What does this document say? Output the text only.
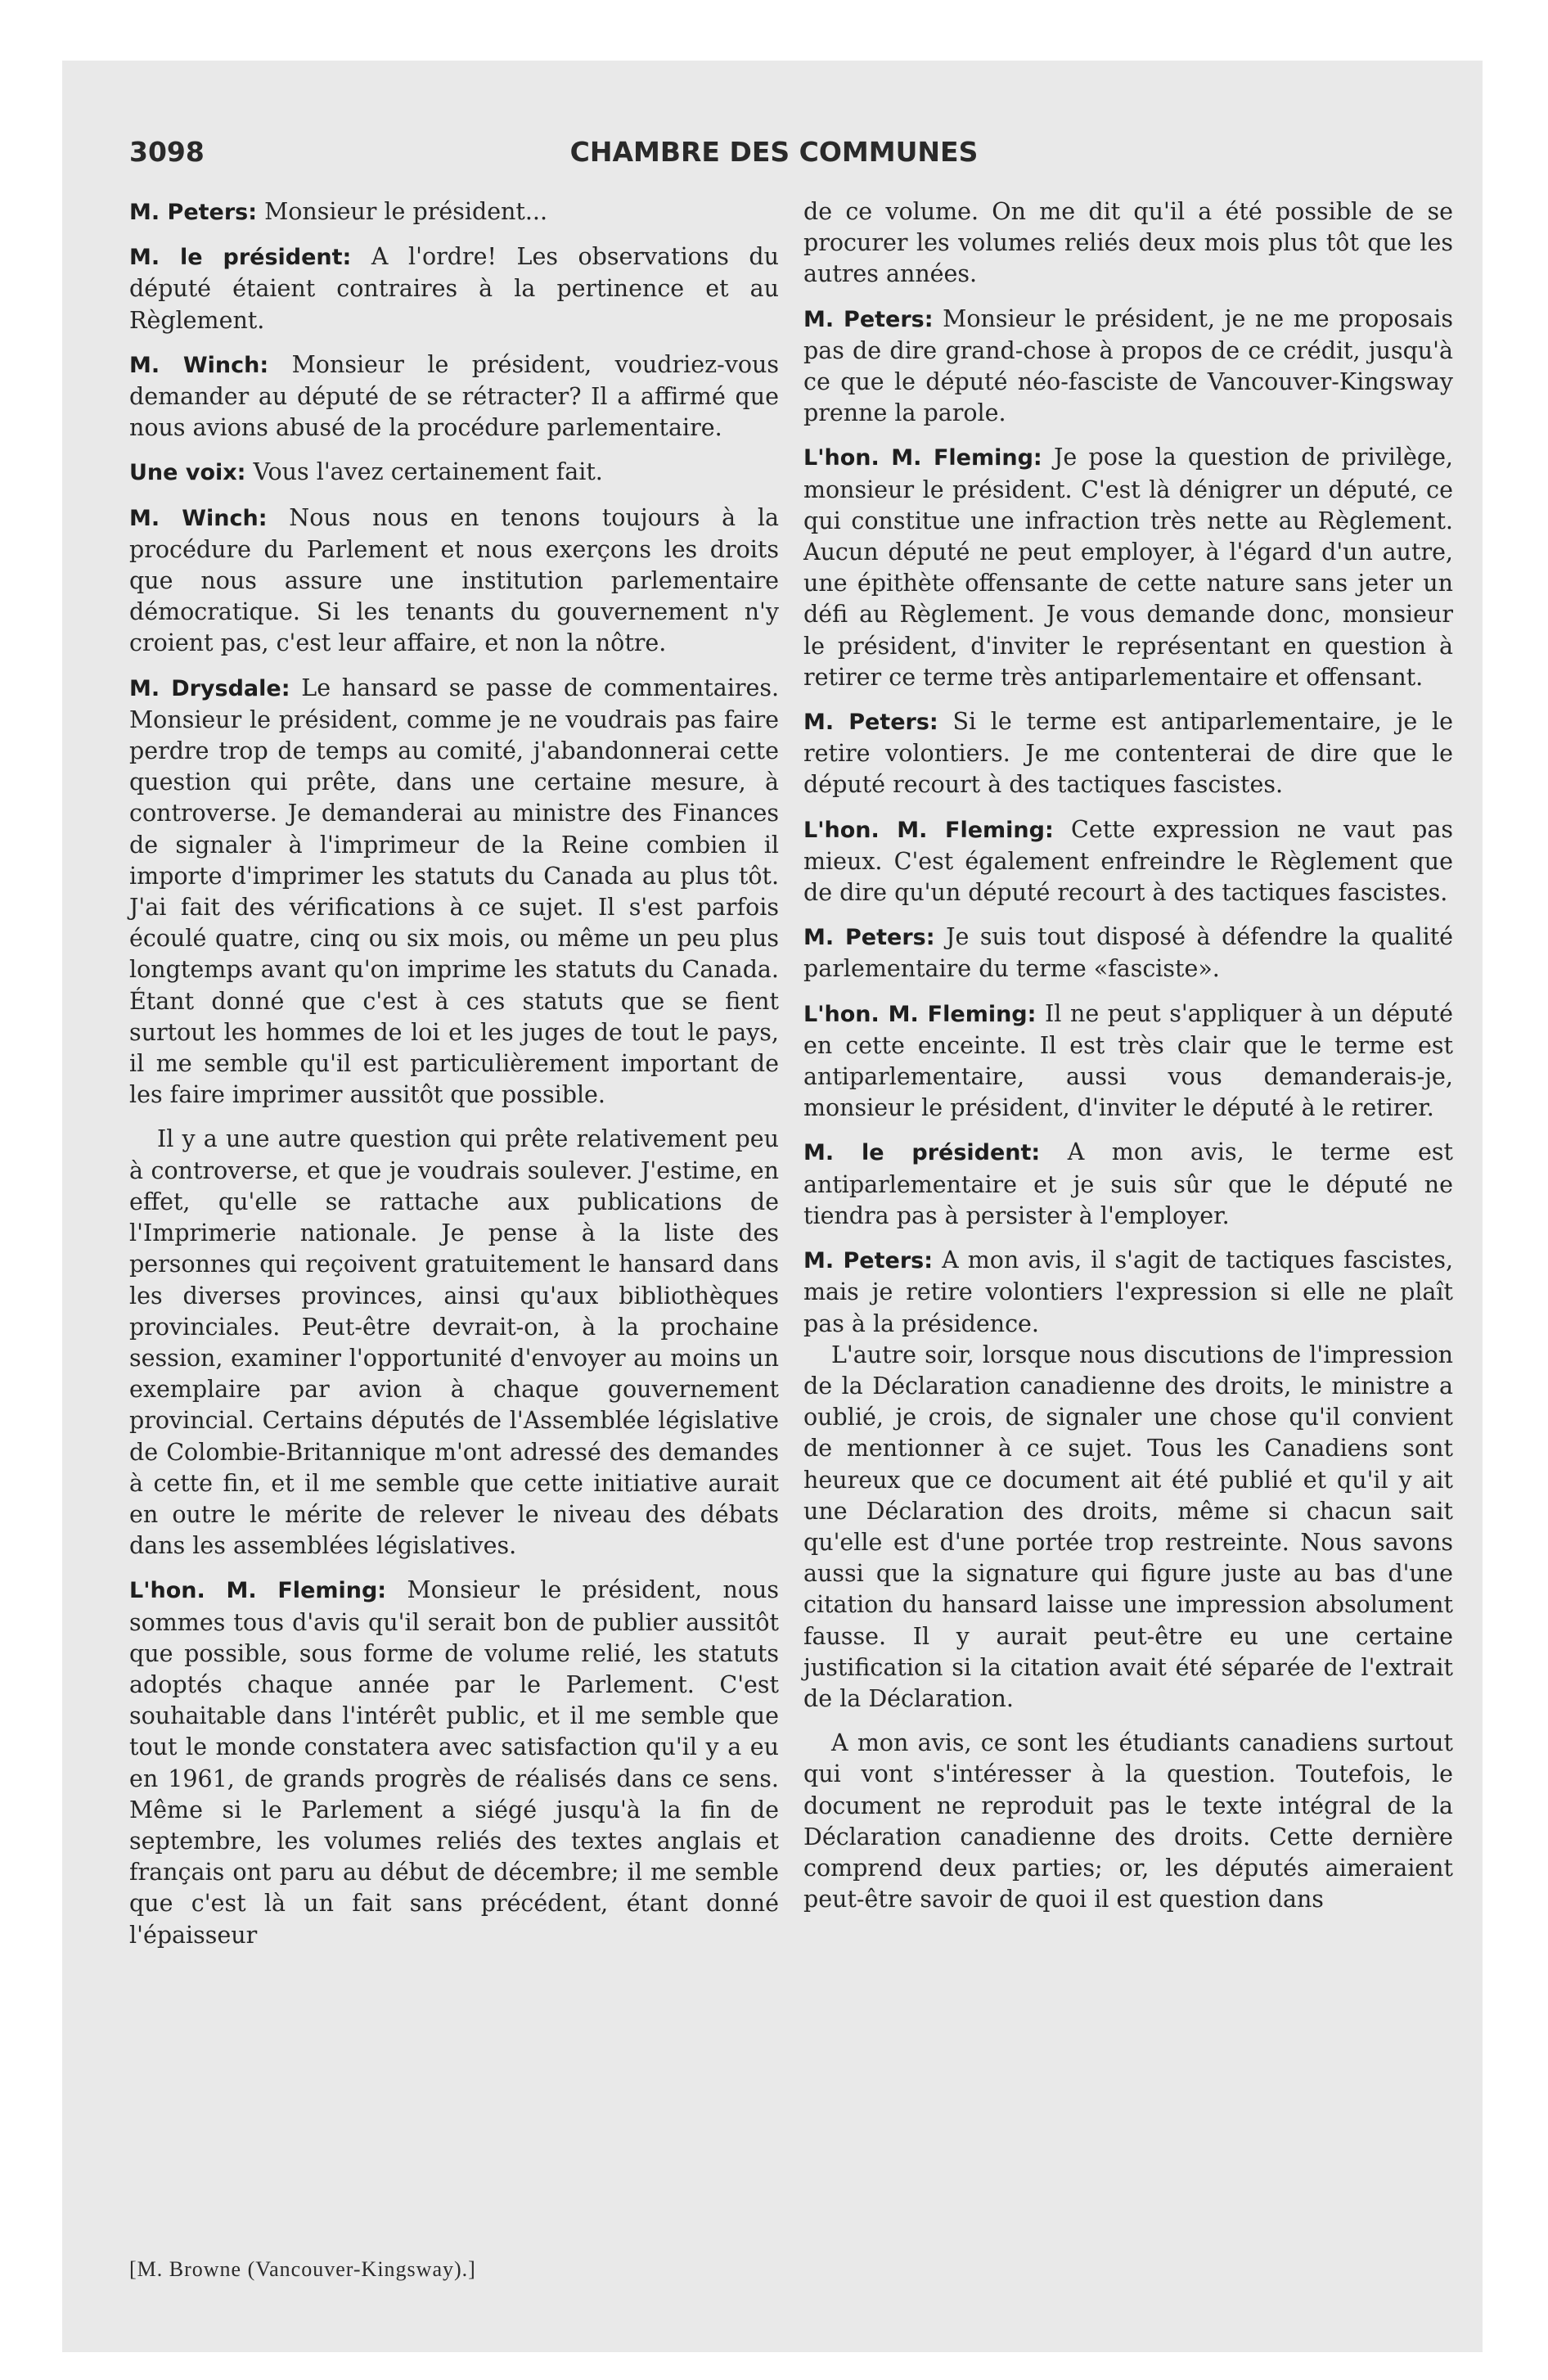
3098	CHAMBRE DES COMMUNES

M. Peters: Monsieur le président...

M. le président: A l'ordre! Les observations du député étaient contraires à la pertinence et au Règlement.

M. Winch: Monsieur le président, voudriez-vous demander au député de se rétracter? Il a affirmé que nous avions abusé de la procédure parlementaire.

Une voix: Vous l'avez certainement fait.

M. Winch: Nous nous en tenons toujours à la procédure du Parlement et nous exerçons les droits que nous assure une institution parlementaire démocratique. Si les tenants du gouvernement n'y croient pas, c'est leur affaire, et non la nôtre.

M. Drysdale: Le hansard se passe de commentaires. Monsieur le président, comme je ne voudrais pas faire perdre trop de temps au comité, j'abandonnerai cette question qui prête, dans une certaine mesure, à controverse. Je demanderai au ministre des Finances de signaler à l'imprimeur de la Reine combien il importe d'imprimer les statuts du Canada au plus tôt. J'ai fait des vérifications à ce sujet. Il s'est parfois écoulé quatre, cinq ou six mois, ou même un peu plus longtemps avant qu'on imprime les statuts du Canada. Étant donné que c'est à ces statuts que se fient surtout les hommes de loi et les juges de tout le pays, il me semble qu'il est particulièrement important de les faire imprimer aussitôt que possible.

Il y a une autre question qui prête relativement peu à controverse, et que je voudrais soulever. J'estime, en effet, qu'elle se rattache aux publications de l'Imprimerie nationale. Je pense à la liste des personnes qui reçoivent gratuitement le hansard dans les diverses provinces, ainsi qu'aux bibliothèques provinciales. Peut-être devrait-on, à la prochaine session, examiner l'opportunité d'envoyer au moins un exemplaire par avion à chaque gouvernement provincial. Certains députés de l'Assemblée législative de Colombie-Britannique m'ont adressé des demandes à cette fin, et il me semble que cette initiative aurait en outre le mérite de relever le niveau des débats dans les assemblées législatives.

L'hon. M. Fleming: Monsieur le président, nous sommes tous d'avis qu'il serait bon de publier aussitôt que possible, sous forme de volume relié, les statuts adoptés chaque année par le Parlement. C'est souhaitable dans l'intérêt public, et il me semble que tout le monde constatera avec satisfaction qu'il y a eu en 1961, de grands progrès de réalisés dans ce sens. Même si le Parlement a siégé jusqu'à la fin de septembre, les volumes reliés des textes anglais et français ont paru au début de décembre; il me semble que c'est là un fait sans précédent, étant donné l'épaisseur

de ce volume. On me dit qu'il a été possible de se procurer les volumes reliés deux mois plus tôt que les autres années.

M. Peters: Monsieur le président, je ne me proposais pas de dire grand-chose à propos de ce crédit, jusqu'à ce que le député néo-fasciste de Vancouver-Kingsway prenne la parole.

L'hon. M. Fleming: Je pose la question de privilège, monsieur le président. C'est là dénigrer un député, ce qui constitue une infraction très nette au Règlement. Aucun député ne peut employer, à l'égard d'un autre, une épithète offensante de cette nature sans jeter un défi au Règlement. Je vous demande donc, monsieur le président, d'inviter le représentant en question à retirer ce terme très antiparlementaire et offensant.

M. Peters: Si le terme est antiparlementaire, je le retire volontiers. Je me contenterai de dire que le député recourt à des tactiques fascistes.

L'hon. M. Fleming: Cette expression ne vaut pas mieux. C'est également enfreindre le Règlement que de dire qu'un député recourt à des tactiques fascistes.

M. Peters: Je suis tout disposé à défendre la qualité parlementaire du terme «fasciste».

L'hon. M. Fleming: Il ne peut s'appliquer à un député en cette enceinte. Il est très clair que le terme est antiparlementaire, aussi vous demanderais-je, monsieur le président, d'inviter le député à le retirer.

M. le président: A mon avis, le terme est antiparlementaire et je suis sûr que le député ne tiendra pas à persister à l'employer.

M. Peters: A mon avis, il s'agit de tactiques fascistes, mais je retire volontiers l'expression si elle ne plaît pas à la présidence.

L'autre soir, lorsque nous discutions de l'impression de la Déclaration canadienne des droits, le ministre a oublié, je crois, de signaler une chose qu'il convient de mentionner à ce sujet. Tous les Canadiens sont heureux que ce document ait été publié et qu'il y ait une Déclaration des droits, même si chacun sait qu'elle est d'une portée trop restreinte. Nous savons aussi que la signature qui figure juste au bas d'une citation du hansard laisse une impression absolument fausse. Il y aurait peut-être eu une certaine justification si la citation avait été séparée de l'extrait de la Déclaration.

A mon avis, ce sont les étudiants canadiens surtout qui vont s'intéresser à la question. Toutefois, le document ne reproduit pas le texte intégral de la Déclaration canadienne des droits. Cette dernière comprend deux parties; or, les députés aimeraient peut-être savoir de quoi il est question dans

[M. Browne (Vancouver-Kingsway).]
